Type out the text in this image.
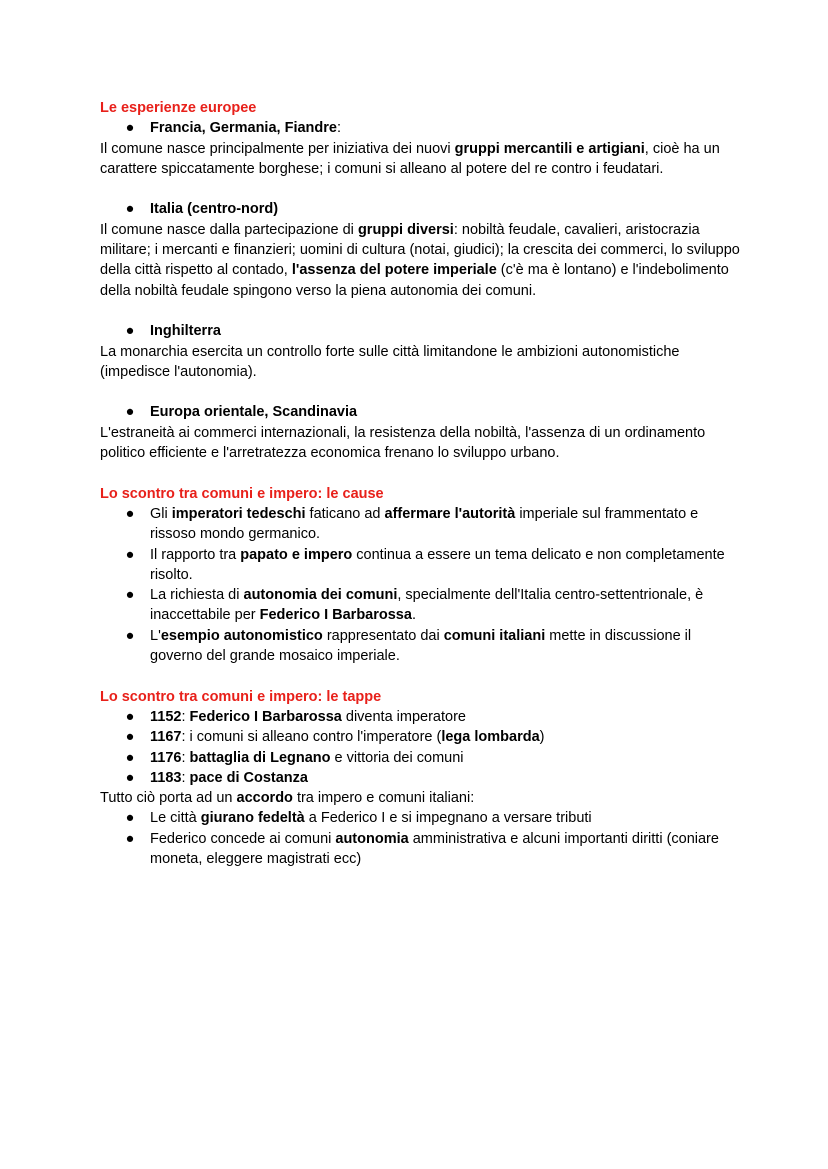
Le esperienze europee

● Francia, Germania, Fiandre:

Il comune nasce principalmente per iniziativa dei nuovi gruppi mercantili e artigiani, cioè ha un carattere spiccatamente borghese; i comuni si alleano al potere del re contro i feudatari.

● Italia (centro-nord)

Il comune nasce dalla partecipazione di gruppi diversi: nobiltà feudale, cavalieri, aristocrazia militare; i mercanti e finanzieri; uomini di cultura (notai, giudici); la crescita dei commerci, lo sviluppo della città rispetto al contado, l'assenza del potere imperiale (c'è ma è lontano) e l'indebolimento della nobiltà feudale spingono verso la piena autonomia dei comuni.

● Inghilterra

La monarchia esercita un controllo forte sulle città limitandone le ambizioni autonomistiche (impedisce l'autonomia).

● Europa orientale, Scandinavia

L'estraneità ai commerci internazionali, la resistenza della nobiltà, l'assenza di un ordinamento politico efficiente e l'arretratezza economica frenano lo sviluppo urbano.

Lo scontro tra comuni e impero: le cause

● Gli imperatori tedeschi faticano ad affermare l'autorità imperiale sul frammentato e rissoso mondo germanico.
● Il rapporto tra papato e impero continua a essere un tema delicato e non completamente risolto.
● La richiesta di autonomia dei comuni, specialmente dell'Italia centro-settentrionale, è inaccettabile per Federico I Barbarossa.
● L'esempio autonomistico rappresentato dai comuni italiani mette in discussione il governo del grande mosaico imperiale.

Lo scontro tra comuni e impero: le tappe

● 1152: Federico I Barbarossa diventa imperatore
● 1167: i comuni si alleano contro l'imperatore (lega lombarda)
● 1176: battaglia di Legnano e vittoria dei comuni
● 1183: pace di Costanza

Tutto ciò porta ad un accordo tra impero e comuni italiani:

● Le città giurano fedeltà a Federico I e si impegnano a versare tributi
● Federico concede ai comuni autonomia amministrativa e alcuni importanti diritti (coniare moneta, eleggere magistrati ecc)
